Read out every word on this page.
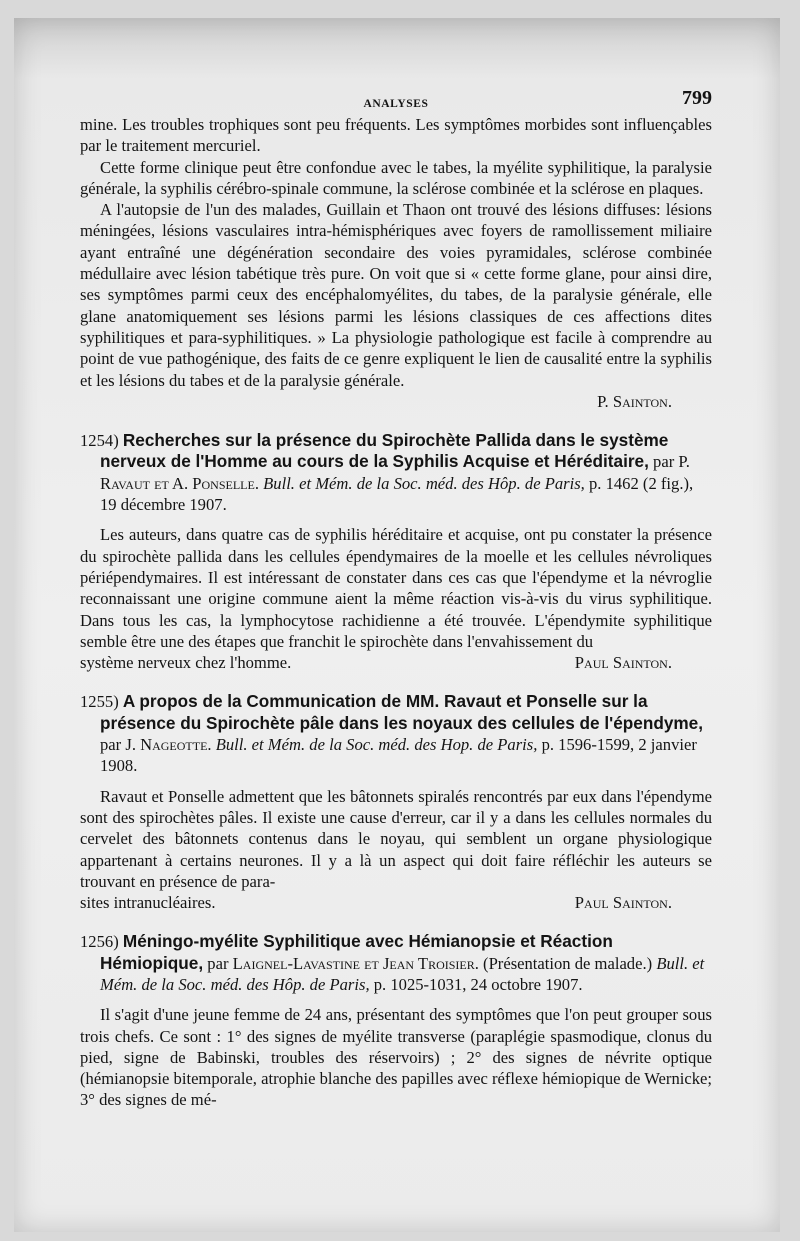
ANALYSES	799

mine. Les troubles trophiques sont peu fréquents. Les symptômes morbides sont influençables par le traitement mercuriel.

Cette forme clinique peut être confondue avec le tabes, la myélite syphilitique, la paralysie générale, la syphilis cérébro-spinale commune, la sclérose combinée et la sclérose en plaques.

A l'autopsie de l'un des malades, Guillain et Thaon ont trouvé des lésions diffuses: lésions méningées, lésions vasculaires intra-hémisphériques avec foyers de ramollissement miliaire ayant entraîné une dégénération secondaire des voies pyramidales, sclérose combinée médullaire avec lésion tabétique très pure. On voit que si « cette forme glane, pour ainsi dire, ses symptômes parmi ceux des encéphalomyélites, du tabes, de la paralysie générale, elle glane anatomiquement ses lésions parmi les lésions classiques de ces affections dites syphilitiques et para-syphilitiques. » La physiologie pathologique est facile à comprendre au point de vue pathogénique, des faits de ce genre expliquent le lien de causalité entre la syphilis et les lésions du tabes et de la paralysie générale.

P. Sainton.

1254) Recherches sur la présence du Spirochète Pallida dans le système nerveux de l'Homme au cours de la Syphilis Acquise et Héréditaire, par P. Ravaut et A. Ponselle. Bull. et Mém. de la Soc. méd. des Hôp. de Paris, p. 1462 (2 fig.), 19 décembre 1907.

Les auteurs, dans quatre cas de syphilis héréditaire et acquise, ont pu constater la présence du spirochète pallida dans les cellules épendymaires de la moelle et les cellules névroliques périépendymaires. Il est intéressant de constater dans ces cas que l'épendyme et la névroglie reconnaissant une origine commune aient la même réaction vis-à-vis du virus syphilitique. Dans tous les cas, la lymphocytose rachidienne a été trouvée. L'épendymite syphilitique semble être une des étapes que franchit le spirochète dans l'envahissement du

système nerveux chez l'homme.	Paul Sainton.

1255) A propos de la Communication de MM. Ravaut et Ponselle sur la présence du Spirochète pâle dans les noyaux des cellules de l'épendyme, par J. Nageotte. Bull. et Mém. de la Soc. méd. des Hop. de Paris, p. 1596-1599, 2 janvier 1908.

Ravaut et Ponselle admettent que les bâtonnets spiralés rencontrés par eux dans l'épendyme sont des spirochètes pâles. Il existe une cause d'erreur, car il y a dans les cellules normales du cervelet des bâtonnets contenus dans le noyau, qui semblent un organe physiologique appartenant à certains neurones. Il y a là un aspect qui doit faire réfléchir les auteurs se trouvant en présence de para-

sites intranucléaires.	Paul Sainton.

1256) Méningo-myélite Syphilitique avec Hémianopsie et Réaction Hémiopique, par Laignel-Lavastine et Jean Troisier. (Présentation de malade.) Bull. et Mém. de la Soc. méd. des Hôp. de Paris, p. 1025-1031, 24 octobre 1907.

Il s'agit d'une jeune femme de 24 ans, présentant des symptômes que l'on peut grouper sous trois chefs. Ce sont : 1° des signes de myélite transverse (paraplégie spasmodique, clonus du pied, signe de Babinski, troubles des réservoirs) ; 2° des signes de névrite optique (hémianopsie bitemporale, atrophie blanche des papilles avec réflexe hémiopique de Wernicke; 3° des signes de mé-
